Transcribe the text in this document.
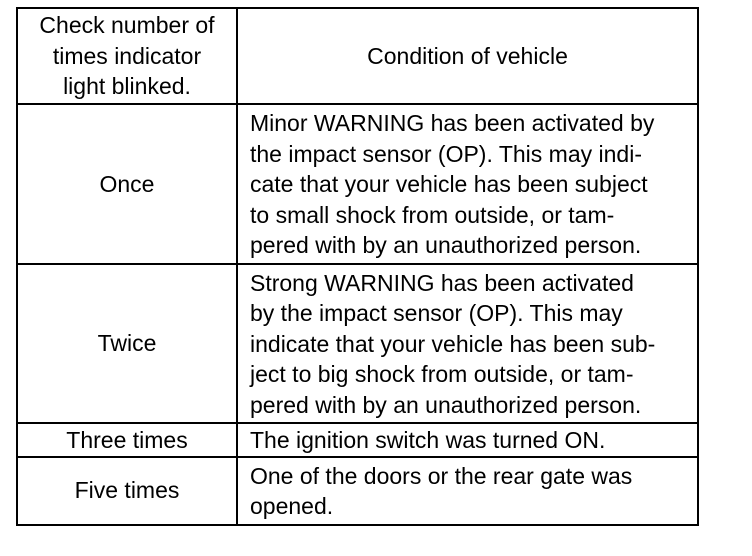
Check number of
times indicator
light blinked.	Condition of vehicle
Once	Minor WARNING has been activated by
the impact sensor (OP). This may indi-
cate that your vehicle has been subject
to small shock from outside, or tam-
pered with by an unauthorized person.
Twice	Strong WARNING has been activated
by the impact sensor (OP). This may
indicate that your vehicle has been sub-
ject to big shock from outside, or tam-
pered with by an unauthorized person.
Three times	The ignition switch was turned ON.
Five times	One of the doors or the rear gate was
opened.
